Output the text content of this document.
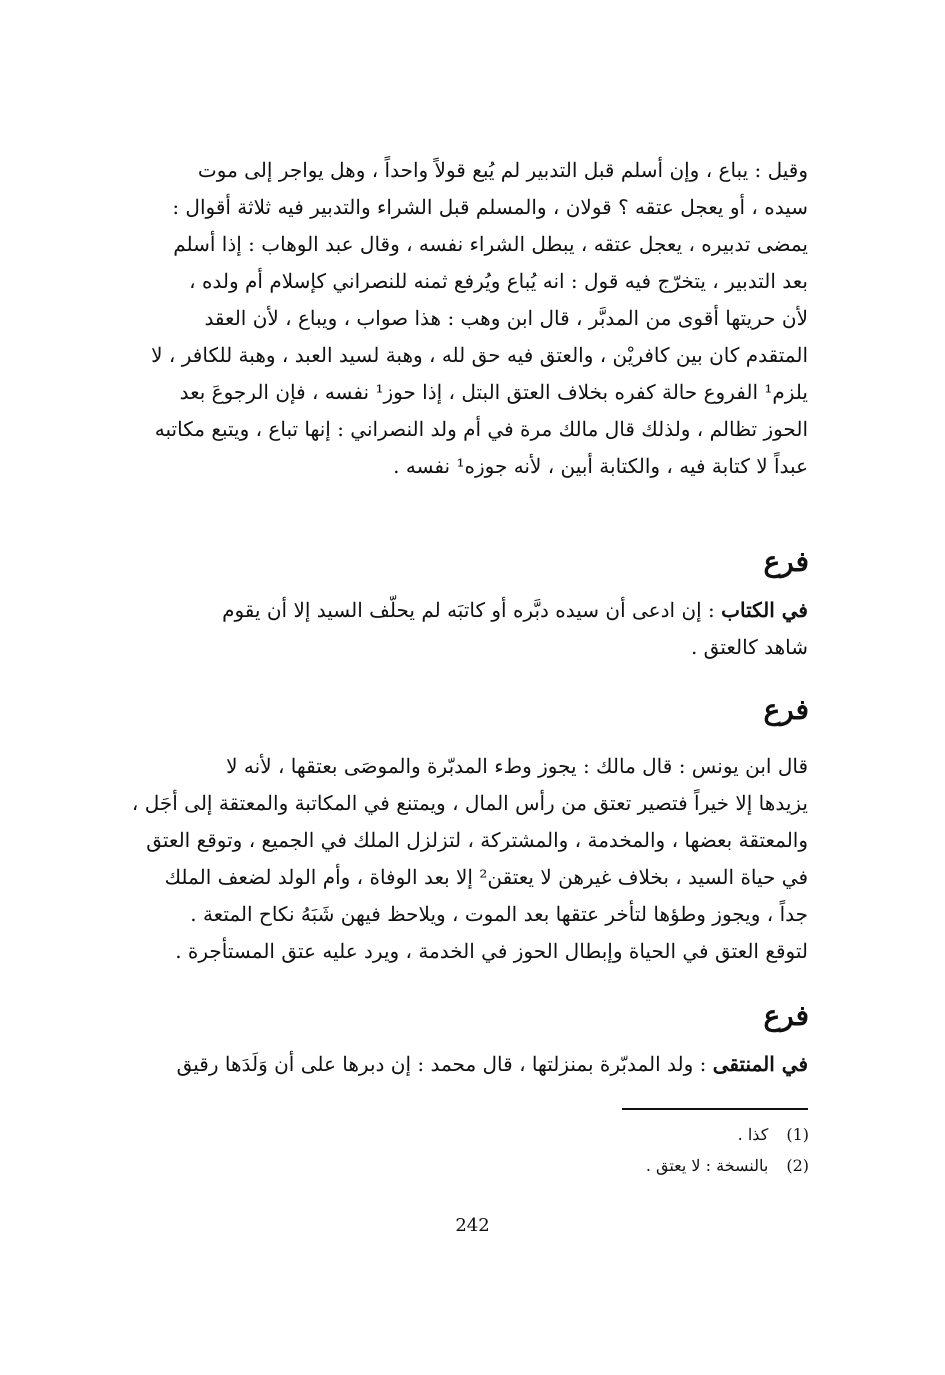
وقيل : يباع ، وإن أسلم قبل التدبير لم يُبع قولاً واحداً ، وهل يواجر إلى موت
سيده ، أو يعجل عتقه ؟ قولان ، والمسلم قبل الشراء والتدبير فيه ثلاثة أقوال :
يمضى تدبيره ، يعجل عتقه ، يبطل الشراء نفسه ، وقال عبد الوهاب : إذا أسلم
بعد التدبير ، يتخرّج فيه قول : انه يُباع ويُرفع ثمنه للنصراني كإسلام أم ولده ،
لأن حريتها أقوى من المدبَّر ، قال ابن وهب : هذا صواب ، ويباع ، لأن العقد
المتقدم كان بين كافريْن ، والعتق فيه حق لله ، وهبة لسيد العبد ، وهبة للكافر ، لا
يلزم¹ الفروع حالة كفره بخلاف العتق البتل ، إذا حوز¹ نفسه ، فإن الرجوعَ بعد
الحوز تظالم ، ولذلك قال مالك مرة في أم ولد النصراني : إنها تباع ، ويتبع مكاتبه
عبداً لا كتابة فيه ، والكتابة أبين ، لأنه جوزه¹ نفسه .
فرع
في الكتاب : إن ادعى أن سيده دبَّره أو كاتبَه لم يحلّف السيد إلا أن يقوم
شاهد كالعتق .
فرع
قال ابن يونس : قال مالك : يجوز وطء المدبّرة والموصَى بعتقها ، لأنه لا
يزيدها إلا خيراً فتصير تعتق من رأس المال ، ويمتنع في المكاتبة والمعتقة إلى أجَل ،
والمعتقة بعضها ، والمخدمة ، والمشتركة ، لتزلزل الملك في الجميع ، وتوقع العتق
في حياة السيد ، بخلاف غيرهن لا يعتقن² إلا بعد الوفاة ، وأم الولد لضعف الملك
جداً ، ويجوز وطؤها لتأخر عتقها بعد الموت ، ويلاحظ فيهن شَبَهُ نكاح المتعة .
لتوقع العتق في الحياة وإبطال الحوز في الخدمة ، ويرد عليه عتق المستأجرة .
فرع
في المنتقى : ولد المدبّرة بمنزلتها ، قال محمد : إن دبرها على أن وَلَدَها رقيق
(1)كذا .
(2)بالنسخة : لا يعتق .
242
